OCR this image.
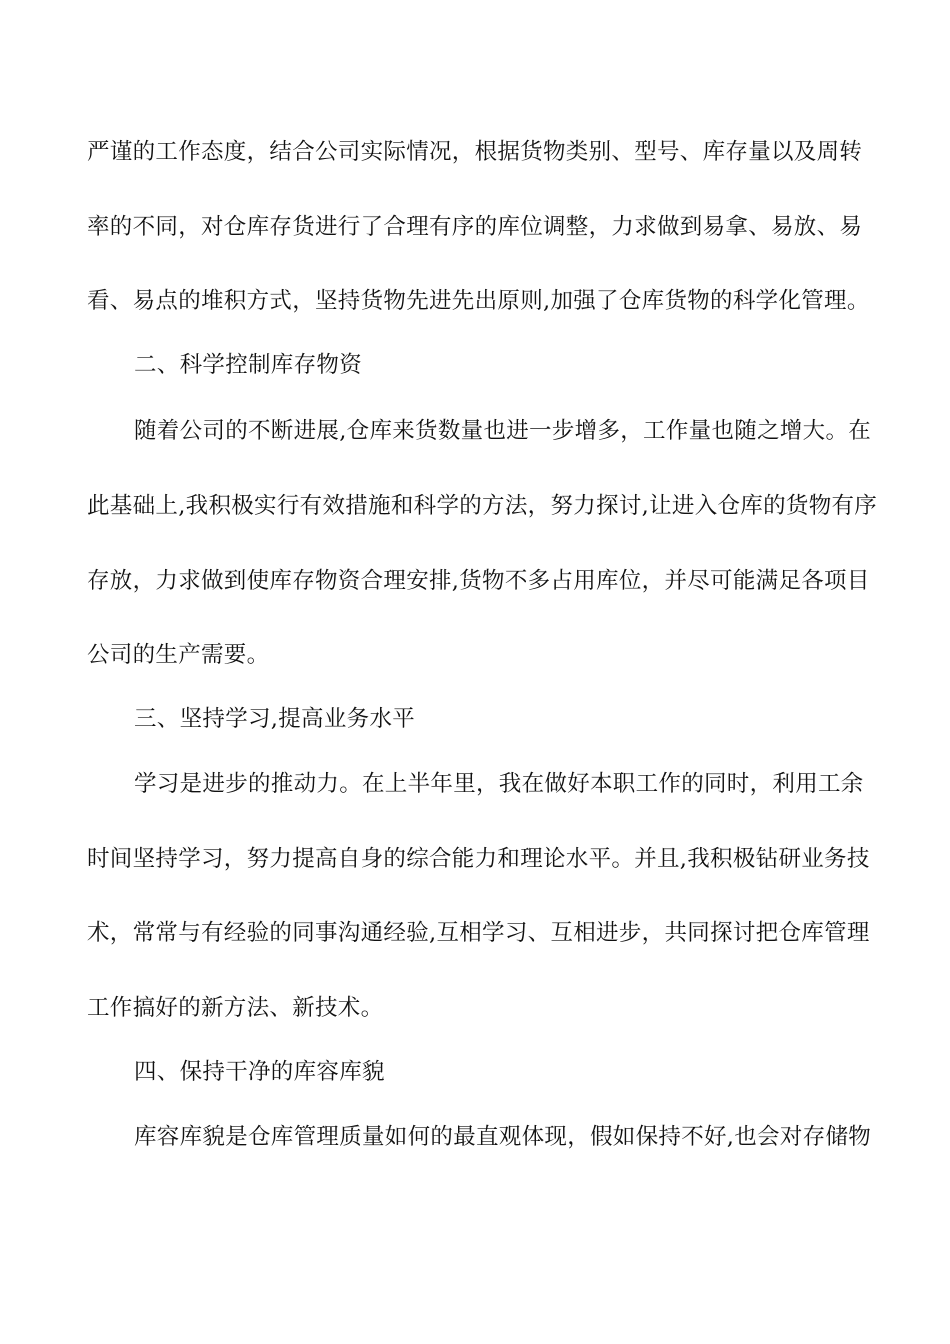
严谨的工作态度，结合公司实际情况，根据货物类别、型号、库存量以及周转
率的不同，对仓库存货进行了合理有序的库位调整，力求做到易拿、易放、易
看、易点的堆积方式，坚持货物先进先出原则,加强了仓库货物的科学化管理。
二、科学控制库存物资
随着公司的不断进展,仓库来货数量也进一步增多，工作量也随之增大。在
此基础上,我积极实行有效措施和科学的方法，努力探讨,让进入仓库的货物有序
存放，力求做到使库存物资合理安排,货物不多占用库位，并尽可能满足各项目
公司的生产需要。
三、坚持学习,提高业务水平
学习是进步的推动力。在上半年里，我在做好本职工作的同时，利用工余
时间坚持学习，努力提高自身的综合能力和理论水平。并且,我积极钻研业务技
术，常常与有经验的同事沟通经验,互相学习、互相进步，共同探讨把仓库管理
工作搞好的新方法、新技术。
四、保持干净的库容库貌
库容库貌是仓库管理质量如何的最直观体现，假如保持不好,也会对存储物
